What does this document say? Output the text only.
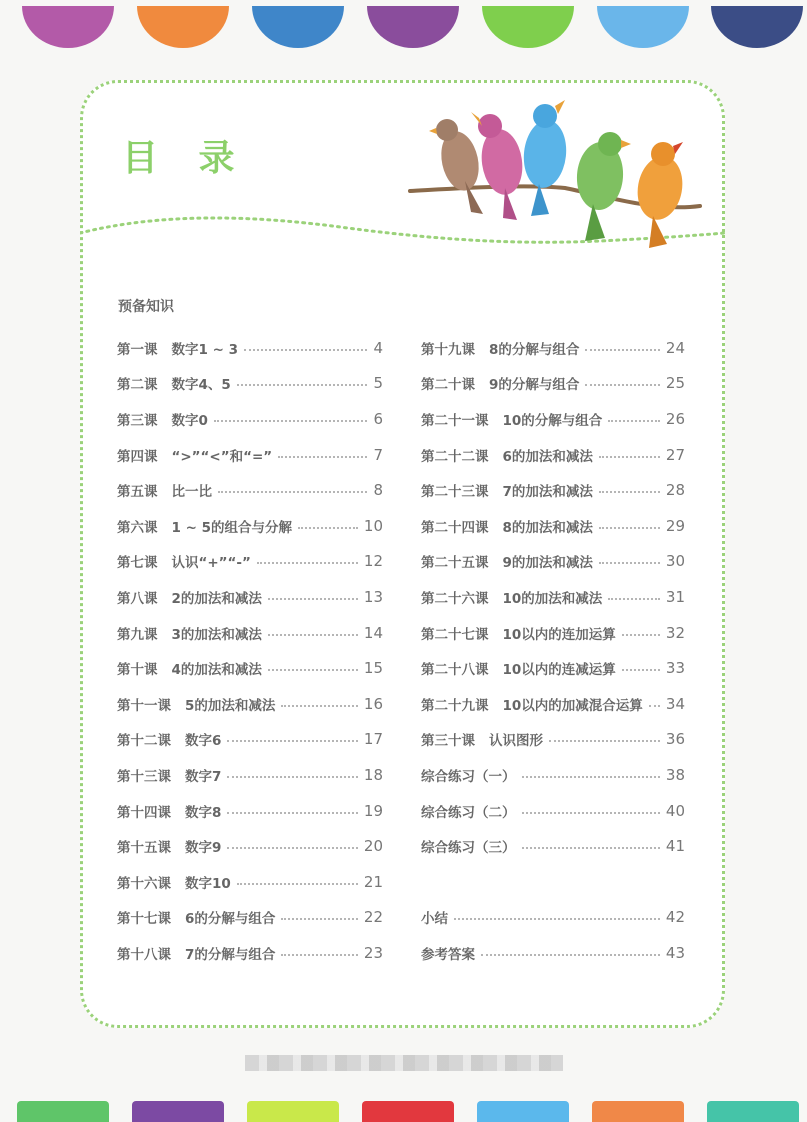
目 录
预备知识
第一课 数字1 ~ 3	4
第二课 数字4、5	5
第三课 数字0	6
第四课 “>”“<”和“=”	7
第五课 比一比	8
第六课 1 ~ 5的组合与分解	10
第七课 认识“+”“-”	12
第八课 2的加法和减法	13
第九课 3的加法和减法	14
第十课 4的加法和减法	15
第十一课 5的加法和减法	16
第十二课 数字6	17
第十三课 数字7	18
第十四课 数字8	19
第十五课 数字9	20
第十六课 数字10	21
第十七课 6的分解与组合	22
第十八课 7的分解与组合	23
第十九课 8的分解与组合	24
第二十课 9的分解与组合	25
第二十一课 10的分解与组合	26
第二十二课 6的加法和减法	27
第二十三课 7的加法和减法	28
第二十四课 8的加法和减法	29
第二十五课 9的加法和减法	30
第二十六课 10的加法和减法	31
第二十七课 10以内的连加运算	32
第二十八课 10以内的连减运算	33
第二十九课 10以内的加减混合运算 34
第三十课 认识图形	36
综合练习（一）	38
综合练习（二）	40
综合练习（三）	41
小结	42
参考答案	43
